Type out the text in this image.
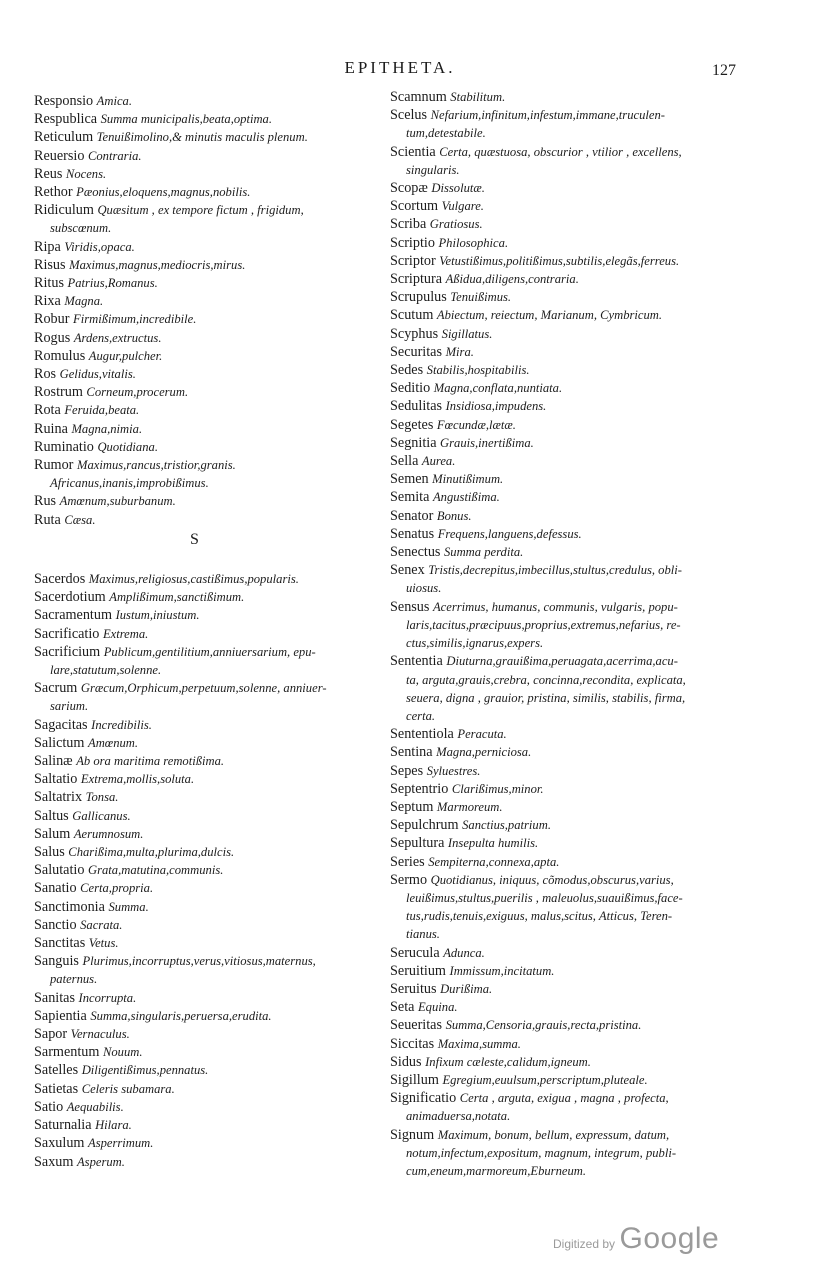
EPITHETA.	127
Responsio Amica.
Respublica Summa municipalis,beata,optima.
Reticulum Tenuißimolino,& minutis maculis plenum.
Reuersio Contraria.
Reus Nocens.
Rethor Pæonius,eloquens,magnus,nobilis.
Ridiculum Quæsitum , ex tempore fictum , frigidum,
subscœnum.
Ripa Viridis,opaca.
Risus Maximus,magnus,mediocris,mirus.
Ritus Patrius,Romanus.
Rixa Magna.
Robur Firmißimum,incredibile.
Rogus Ardens,extructus.
Romulus Augur,pulcher.
Ros Gelidus,vitalis.
Rostrum Corneum,procerum.
Rota Feruida,beata.
Ruina Magna,nimia.
Ruminatio Quotidiana.
Rumor Maximus,rancus,tristior,granis.
Africanus,inanis,improbißimus.
Rus Amœnum,suburbanum.
Ruta Cæsa.
S
Sacerdos Maximus,religiosus,castißimus,popularis.
Sacerdotium Amplißimum,sanctißimum.
Sacramentum Iustum,iniustum.
Sacrificatio Extrema.
Sacrificium Publicum,gentilitium,anniuersarium, epu-
lare,statutum,solenne.
Sacrum Græcum,Orphicum,perpetuum,solenne, anniuer-
sarium.
Sagacitas Incredibilis.
Salictum Amœnum.
Salinæ Ab ora maritima remotißima.
Saltatio Extrema,mollis,soluta.
Saltatrix Tonsa.
Saltus Gallicanus.
Salum Aerumnosum.
Salus Charißima,multa,plurima,dulcis.
Salutatio Grata,matutina,communis.
Sanatio Certa,propria.
Sanctimonia Summa.
Sanctio Sacrata.
Sanctitas Vetus.
Sanguis Plurimus,incorruptus,verus,vitiosus,maternus,
paternus.
Sanitas Incorrupta.
Sapientia Summa,singularis,peruersa,erudita.
Sapor Vernaculus.
Sarmentum Nouum.
Satelles Diligentißimus,pennatus.
Satietas Celeris subamara.
Satio Aequabilis.
Saturnalia Hilara.
Saxulum Asperrimum.
Saxum Asperum.
Scamnum Stabilitum.
Scelus Nefarium,infinitum,infestum,immane,truculen-
tum,detestabile.
Scientia Certa, quæstuosa, obscurior , vtilior , excellens,
singularis.
Scopæ Dissolutæ.
Scortum Vulgare.
Scriba Gratiosus.
Scriptio Philosophica.
Scriptor Vetustißimus,politißimus,subtilis,elegãs,ferreus.
Scriptura Aßidua,diligens,contraria.
Scrupulus Tenuißimus.
Scutum Abiectum, reiectum, Marianum, Cymbricum.
Scyphus Sigillatus.
Securitas Mira.
Sedes Stabilis,hospitabilis.
Seditio Magna,conflata,nuntiata.
Sedulitas Insidiosa,impudens.
Segetes Fœcundæ,lætæ.
Segnitia Grauis,inertißima.
Sella Aurea.
Semen Minutißimum.
Semita Angustißima.
Senator Bonus.
Senatus Frequens,languens,defessus.
Senectus Summa perdita.
Senex Tristis,decrepitus,imbecillus,stultus,credulus, obli-
uiosus.
Sensus Acerrimus, humanus, communis, vulgaris, popu-
laris,tacitus,præcipuus,proprius,extremus,nefarius, re-
ctus,similis,ignarus,expers.
Sententia Diuturna,grauißima,peruagata,acerrima,acu-
ta, arguta,grauis,crebra, concinna,recondita, explicata,
seuera, digna , grauior, pristina, similis, stabilis, firma,
certa.
Sententiola Peracuta.
Sentina Magna,perniciosa.
Sepes Syluestres.
Septentrio Clarißimus,minor.
Septum Marmoreum.
Sepulchrum Sanctius,patrium.
Sepultura Insepulta humilis.
Series Sempiterna,connexa,apta.
Sermo Quotidianus, iniquus, cõmodus,obscurus,varius,
leuißimus,stultus,puerilis , maleuolus,suauißimus,face-
tus,rudis,tenuis,exiguus, malus,scitus, Atticus, Teren-
tianus.
Serucula Adunca.
Seruitium Immissum,incitatum.
Seruitus Durißima.
Seta Equina.
Seueritas Summa,Censoria,grauis,recta,pristina.
Siccitas Maxima,summa.
Sidus Infixum cæleste,calidum,igneum.
Sigillum Egregium,euulsum,perscriptum,pluteale.
Significatio Certa , arguta, exigua , magna , profecta,
animaduersa,notata.
Signum Maximum, bonum, bellum, expressum, datum,
notum,infectum,expositum, magnum, integrum, publi-
cum,eneum,marmoreum,Eburneum.
Digitized by Google
